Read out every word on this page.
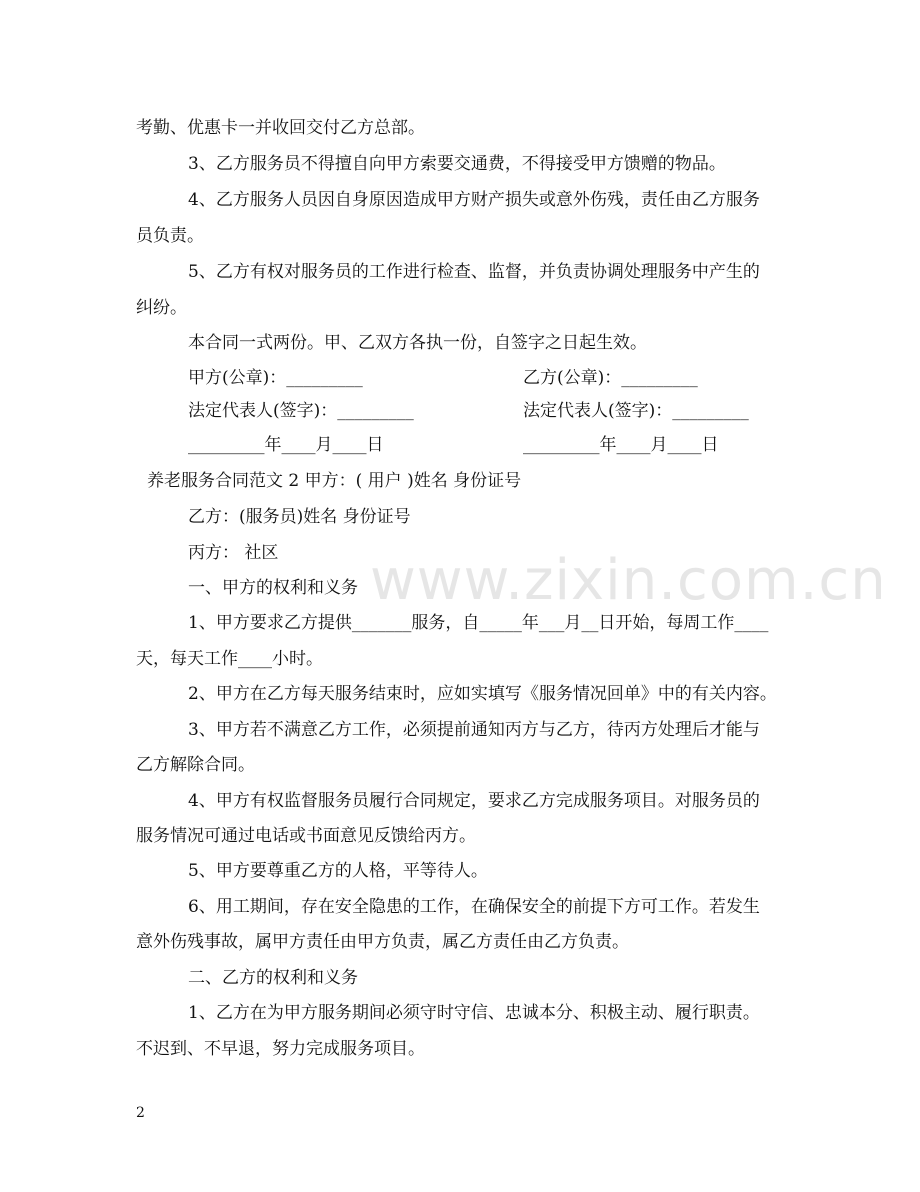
www.zixin.com.cn
考勤、优惠卡一并收回交付乙方总部。
3、乙方服务员不得擅自向甲方索要交通费，不得接受甲方馈赠的物品。
4、乙方服务人员因自身原因造成甲方财产损失或意外伤残，责任由乙方服务
员负责。
5、乙方有权对服务员的工作进行检查、监督，并负责协调处理服务中产生的
纠纷。
本合同一式两份。甲、乙双方各执一份，自签字之日起生效。
甲方(公章)：_________	乙方(公章)：_________
法定代表人(签字)：_________	法定代表人(签字)：_________
_________年____月____日	_________年____月____日
养老服务合同范文 2 甲方：( 用户 )姓名 身份证号
乙方：(服务员)姓名 身份证号
丙方： 社区
一、甲方的权利和义务
1、甲方要求乙方提供_______服务，自_____年___月__日开始，每周工作____
天，每天工作____小时。
2、甲方在乙方每天服务结束时，应如实填写《服务情况回单》中的有关内容。
3、甲方若不满意乙方工作，必须提前通知丙方与乙方，待丙方处理后才能与
乙方解除合同。
4、甲方有权监督服务员履行合同规定，要求乙方完成服务项目。对服务员的
服务情况可通过电话或书面意见反馈给丙方。
5、甲方要尊重乙方的人格，平等待人。
6、用工期间，存在安全隐患的工作，在确保安全的前提下方可工作。若发生
意外伤残事故，属甲方责任由甲方负责，属乙方责任由乙方负责。
二、乙方的权利和义务
1、乙方在为甲方服务期间必须守时守信、忠诚本分、积极主动、履行职责。
不迟到、不早退，努力完成服务项目。
2
